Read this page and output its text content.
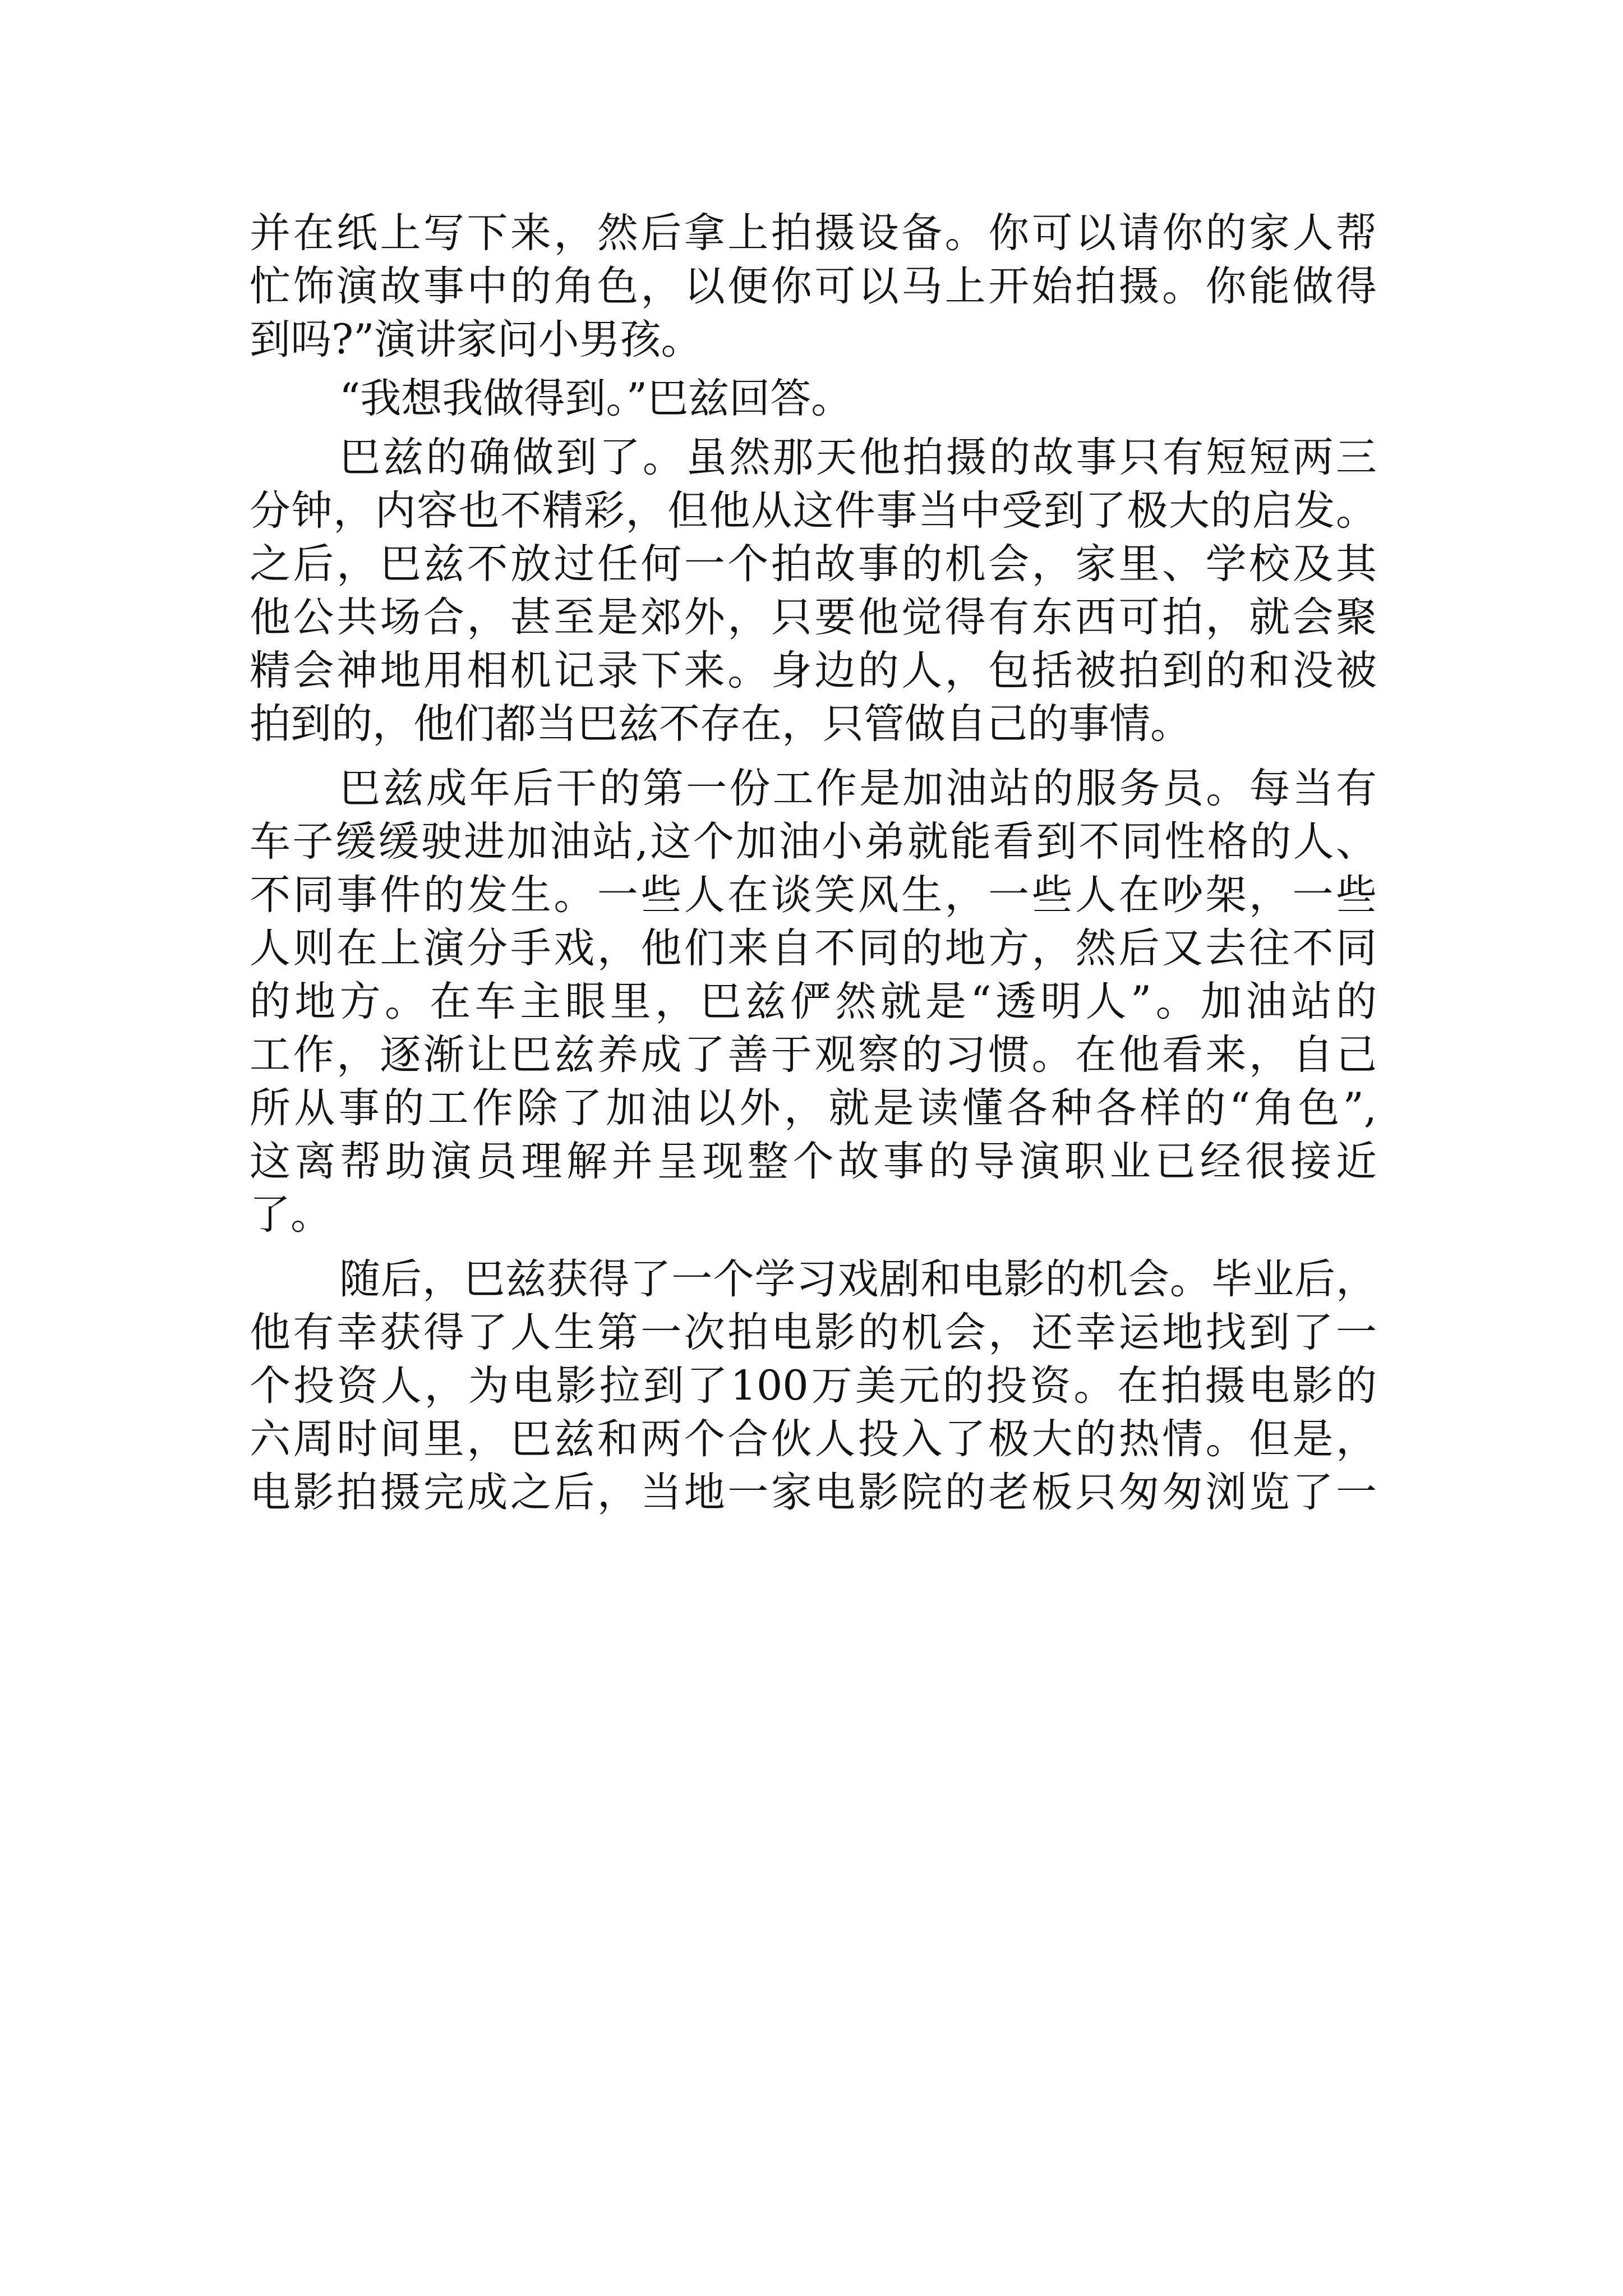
并在纸上写下来，然后拿上拍摄设备。你可以请你的家人帮
忙饰演故事中的角色，以便你可以马上开始拍摄。你能做得
到吗?”演讲家问小男孩。
“我想我做得到。”巴兹回答。
巴兹的确做到了。虽然那天他拍摄的故事只有短短两三
分钟，内容也不精彩，但他从这件事当中受到了极大的启发。
之后，巴兹不放过任何一个拍故事的机会，家里、学校及其
他公共场合，甚至是郊外，只要他觉得有东西可拍，就会聚
精会神地用相机记录下来。身边的人，包括被拍到的和没被
拍到的，他们都当巴兹不存在，只管做自己的事情。
巴兹成年后干的第一份工作是加油站的服务员。每当有
车子缓缓驶进加油站,这个加油小弟就能看到不同性格的人、
不同事件的发生。一些人在谈笑风生，一些人在吵架，一些
人则在上演分手戏，他们来自不同的地方，然后又去往不同
的地方。在车主眼里，巴兹俨然就是“透明人”。加油站的
工作，逐渐让巴兹养成了善于观察的习惯。在他看来，自己
所从事的工作除了加油以外，就是读懂各种各样的“角色”,
这离帮助演员理解并呈现整个故事的导演职业已经很接近
了。
随后，巴兹获得了一个学习戏剧和电影的机会。毕业后，
他有幸获得了人生第一次拍电影的机会，还幸运地找到了一
个投资人，为电影拉到了100万美元的投资。在拍摄电影的
六周时间里，巴兹和两个合伙人投入了极大的热情。但是，
电影拍摄完成之后，当地一家电影院的老板只匆匆浏览了一
